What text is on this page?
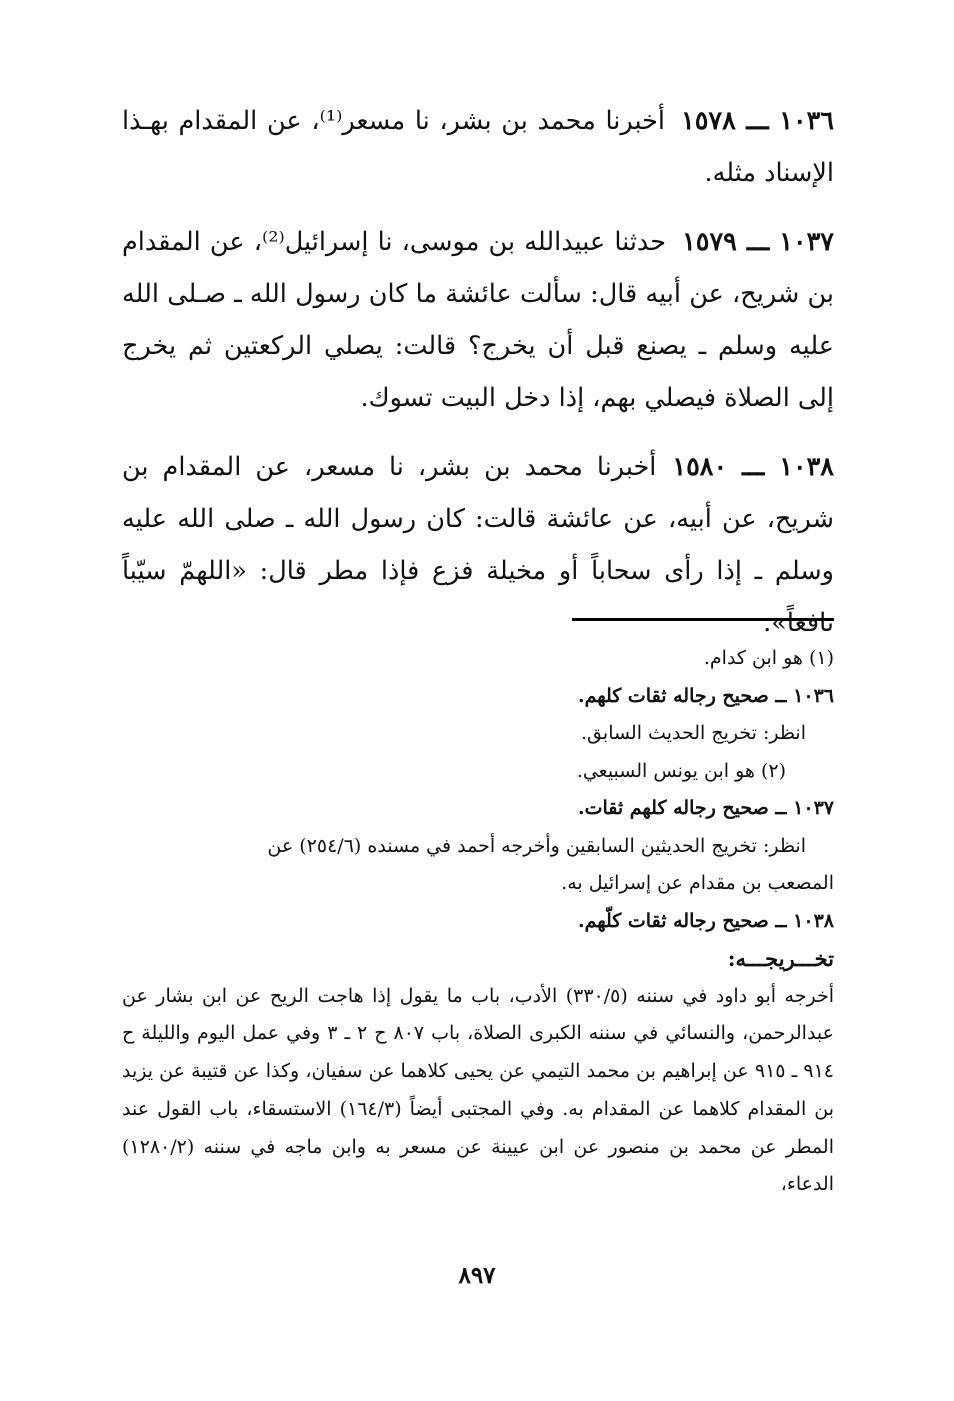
١٠٣٦ ـــ ١٥٧٨أخبرنا محمد بن بشر، نا مسعر⁽¹⁾، عن المقدام بهـذا الإسناد مثله.

١٠٣٧ ـــ ١٥٧٩حدثنا عبيدالله بن موسى، نا إسرائيل⁽²⁾، عن المقدام بن شريح، عن أبيه قال: سألت عائشة ما كان رسول الله ـ صـلى الله عليه وسلم ـ يصنع قبل أن يخرج؟ قالت: يصلي الركعتين ثم يخرج إلى الصلاة فيصلي بهم، إذا دخل البيت تسوك.

١٠٣٨ ـــ ١٥٨٠أخبرنا محمد بن بشر، نا مسعر، عن المقدام بن شريح، عن أبيه، عن عائشة قالت: كان رسول الله ـ صلى الله عليه وسلم ـ إذا رأى سحاباً أو مخيلة فزع فإذا مطر قال: «اللهمّ سيّباً نافعاً».

(١) هو ابن كدام.
١٠٣٦ ــ صحيح رجاله ثقات كلهم.
انظر: تخريج الحديث السابق.
(٢) هو ابن يونس السبيعي.
١٠٣٧ ــ صحيح رجاله كلهم ثقات.
انظر: تخريج الحديثين السابقين وأخرجه أحمد في مسنده (٢٥٤/٦) عن
المصعب بن مقدام عن إسرائيل به.
١٠٣٨ ــ صحيح رجاله ثقات كلّهم.
تخـــريجـــه:
أخرجه أبو داود في سننه (٣٣٠/٥) الأدب، باب ما يقول إذا هاجت الريح عن ابن بشار عن عبدالرحمن، والنسائي في سننه الكبرى الصلاة، باب ٨٠٧ ح ٢ ـ ٣ وفي عمل اليوم والليلة ح ٩١٤ ـ ٩١٥ عن إبراهيم بن محمد التيمي عن يحيى كلاهما عن سفيان، وكذا عن قتيبة عن يزيد بن المقدام كلاهما عن المقدام به. وفي المجتبى أيضاً (١٦٤/٣) الاستسقاء، باب القول عند المطر عن محمد بن منصور عن ابن عيينة عن مسعر به وابن ماجه في سننه (١٢٨٠/٢) الدعاء،
٨٩٧
